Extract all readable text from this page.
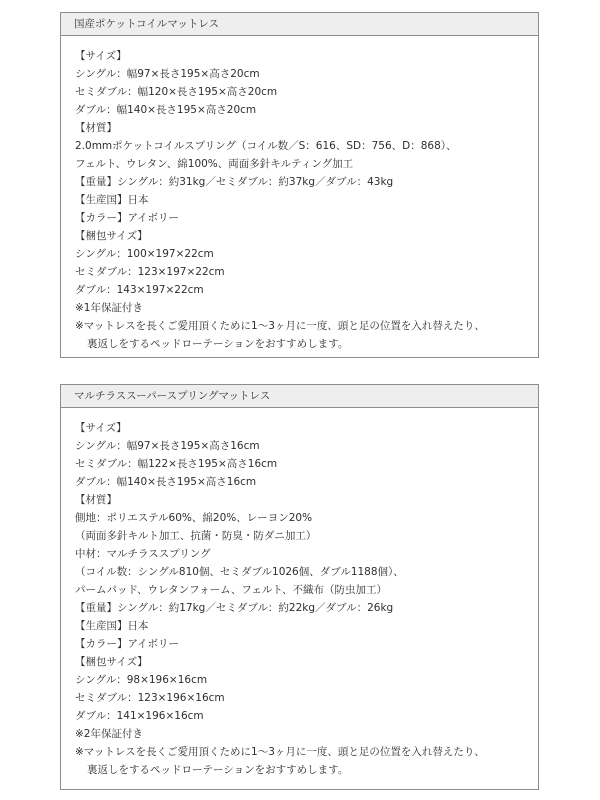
国産ポケットコイルマットレス
【サイズ】
シングル：幅97×長さ195×高さ20cm
セミダブル：幅120×長さ195×高さ20cm
ダブル：幅140×長さ195×高さ20cm
【材質】
2.0mmポケットコイルスプリング（コイル数／S：616、SD：756、D：868）、
フェルト、ウレタン、綿100%、両面多針キルティング加工
【重量】シングル：約31kg／セミダブル：約37kg／ダブル：43kg
【生産国】日本
【カラー】アイボリー
【梱包サイズ】
シングル：100×197×22cm
セミダブル：123×197×22cm
ダブル：143×197×22cm
※1年保証付き
※マットレスを長くご愛用頂くために1～3ヶ月に一度、頭と足の位置を入れ替えたり、
裏返しをするペッドローテーションをおすすめします。
マルチラススーパースプリングマットレス
【サイズ】
シングル：幅97×長さ195×高さ16cm
セミダブル：幅122×長さ195×高さ16cm
ダブル：幅140×長さ195×高さ16cm
【材質】
側地：ポリエステル60%、綿20%、レーヨン20%
（両面多針キルト加工、抗菌・防臭・防ダニ加工）
中材：マルチラススプリング
（コイル数：シングル810個、セミダブル1026個、ダブル1188個）、
パームパッド、ウレタンフォーム、フェルト、不織布（防虫加工）
【重量】シングル：約17kg／セミダブル：約22kg／ダブル：26kg
【生産国】日本
【カラー】アイボリー
【梱包サイズ】
シングル：98×196×16cm
セミダブル：123×196×16cm
ダブル：141×196×16cm
※2年保証付き
※マットレスを長くご愛用頂くために1～3ヶ月に一度、頭と足の位置を入れ替えたり、
裏返しをするペッドローテーションをおすすめします。
